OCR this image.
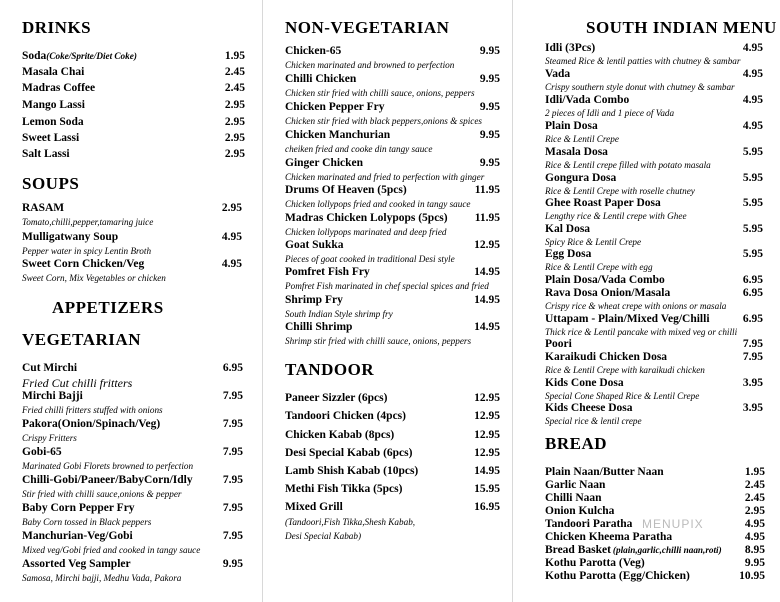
DRINKS
Soda(Coke/Sprite/Diet Coke)	1.95
Masala Chai	2.45
Madras Coffee	2.45
Mango Lassi	2.95
Lemon Soda	2.95
Sweet Lassi	2.95
Salt Lassi	2.95
SOUPS
RASAM	2.95
Tomato,chilli,pepper,tamaring juice
Mulligatwany Soup	4.95
Pepper water in spicy Lentin Broth
Sweet Corn Chicken/Veg	4.95
Sweet Corn, Mix Vegetables or chicken
APPETIZERS
VEGETARIAN
Cut Mirchi	6.95
Fried Cut chilli fritters
Mirchi Bajji	7.95
Fried chilli fritters stuffed with onions
Pakora(Onion/Spinach/Veg)	7.95
Crispy Fritters
Gobi-65	7.95
Marinated Gobi Florets browned to perfection
Chilli-Gobi/Paneer/BabyCorn/Idly	7.95
Stir fried with chilli sauce,onions & pepper
Baby Corn Pepper Fry	7.95
Baby Corn tossed in Black peppers
Manchurian-Veg/Gobi	7.95
Mixed veg/Gobi fried and cooked in tangy sauce
Assorted Veg Sampler	9.95
Samosa, Mirchi bajji, Medhu Vada, Pakora
NON-VEGETARIAN
Chicken-65	9.95
Chicken marinated and browned to perfection
Chilli Chicken	9.95
Chicken stir fried with chilli sauce, onions, peppers
Chicken Pepper Fry	9.95
Chicken stir fried with black peppers,onions & spices
Chicken Manchurian	9.95
cheiken fried and cooke din tangy sauce
Ginger Chicken	9.95
Chicken marinated and fried to perfection with ginger
Drums Of Heaven (5pcs)	11.95
Chicken lollypops fried and cooked in tangy sauce
Madras Chicken Lolypops (5pcs) 11.95
Chicken lollypops marinated and deep fried
Goat Sukka	12.95
Pieces of goat cooked in traditional Desi style
Pomfret Fish Fry	14.95
Pomfret Fish marinated in chef special spices and fried
Shrimp Fry	14.95
South Indian Style shrimp fry
Chilli Shrimp	14.95
Shrimp stir fried with chilli sauce, onions, peppers
TANDOOR
Paneer Sizzler (6pcs)	12.95
Tandoori Chicken (4pcs)	12.95
Chicken Kabab (8pcs)	12.95
Desi Special Kabab (6pcs)	12.95
Lamb Shish Kabab (10pcs)	14.95
Methi Fish Tikka (5pcs)	15.95
Mixed Grill	16.95
(Tandoori,Fish Tikka,Shesh Kabab,
Desi Special Kabab)
SOUTH INDIAN MENU
Idli (3Pcs)	4.95
Steamed Rice & lentil patties with chutney & sambar
Vada	4.95
Crispy southern style donut with chutney & sambar
Idli/Vada Combo	4.95
2 pieces of Idli and 1 piece of Vada
Plain Dosa	4.95
Rice & Lentil Crepe
Masala Dosa	5.95
Rice & Lentil crepe filled with potato masala
Gongura Dosa	5.95
Rice & Lentil Crepe with roselle chutney
Ghee Roast Paper Dosa	5.95
Lengthy rice & Lentil crepe with Ghee
Kal Dosa	5.95
Spicy Rice & Lentil Crepe
Egg Dosa	5.95
Rice & Lentil Crepe with egg
Plain Dosa/Vada Combo	6.95
Rava Dosa Onion/Masala	6.95
Crispy rice & wheat crepe with onions or masala
Uttapam - Plain/Mixed Veg/Chilli	6.95
Thick rice & Lentil pancake with mixed veg or chilli
Poori	7.95
Karaikudi Chicken Dosa	7.95
Rice & Lentil Crepe with karaikudi chicken
Kids Cone Dosa	3.95
Special Cone Shaped Rice & Lentil Crepe
Kids Cheese Dosa	3.95
Special rice & lentil crepe
BREAD
Plain Naan/Butter Naan	1.95
Garlic Naan	2.45
Chilli Naan	2.45
Onion Kulcha	2.95
Tandoori Paratha	4.95
Chicken Kheema Paratha	4.95
Bread Basket (plain,garlic,chilli naan,roti) 8.95
Kothu Parotta (Veg)	9.95
Kothu Parotta (Egg/Chicken)	10.95
MENUPIX
